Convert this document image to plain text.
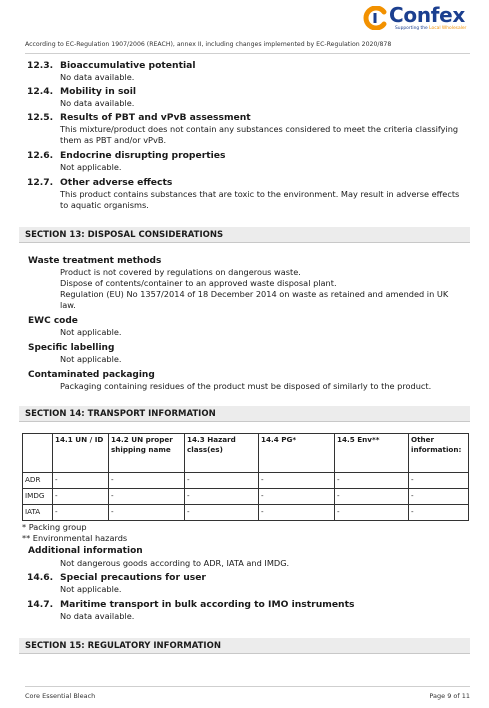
Confex
Supporting the Local Wholesaler
According to EC-Regulation 1907/2006 (REACH), annex II, including changes implemented by EC-Regulation 2020/878
12.3. Bioaccumulative potential
No data available.
12.4. Mobility in soil
No data available.
12.5. Results of PBT and vPvB assessment
This mixture/product does not contain any substances considered to meet the criteria classifying them as PBT and/or vPvB.
12.6. Endocrine disrupting properties
Not applicable.
12.7. Other adverse effects
This product contains substances that are toxic to the environment. May result in adverse effects to aquatic organisms.
SECTION 13: DISPOSAL CONSIDERATIONS
Waste treatment methods
Product is not covered by regulations on dangerous waste.
Dispose of contents/container to an approved waste disposal plant.
Regulation (EU) No 1357/2014 of 18 December 2014 on waste as retained and amended in UK law.
EWC code
Not applicable.
Specific labelling
Not applicable.
Contaminated packaging
Packaging containing residues of the product must be disposed of similarly to the product.
SECTION 14: TRANSPORT INFORMATION
	14.1 UN / ID	14.2 UN proper shipping name	14.3 Hazard class(es)	14.4 PG*	14.5 Env**	Other information:
ADR	-	-	-	-	-	-
IMDG	-	-	-	-	-	-
IATA	-	-	-	-	-	-
* Packing group
** Environmental hazards
Additional information
Not dangerous goods according to ADR, IATA and IMDG.
14.6. Special precautions for user
Not applicable.
14.7. Maritime transport in bulk according to IMO instruments
No data available.
SECTION 15: REGULATORY INFORMATION
Core Essential Bleach	Page 9 of 11
